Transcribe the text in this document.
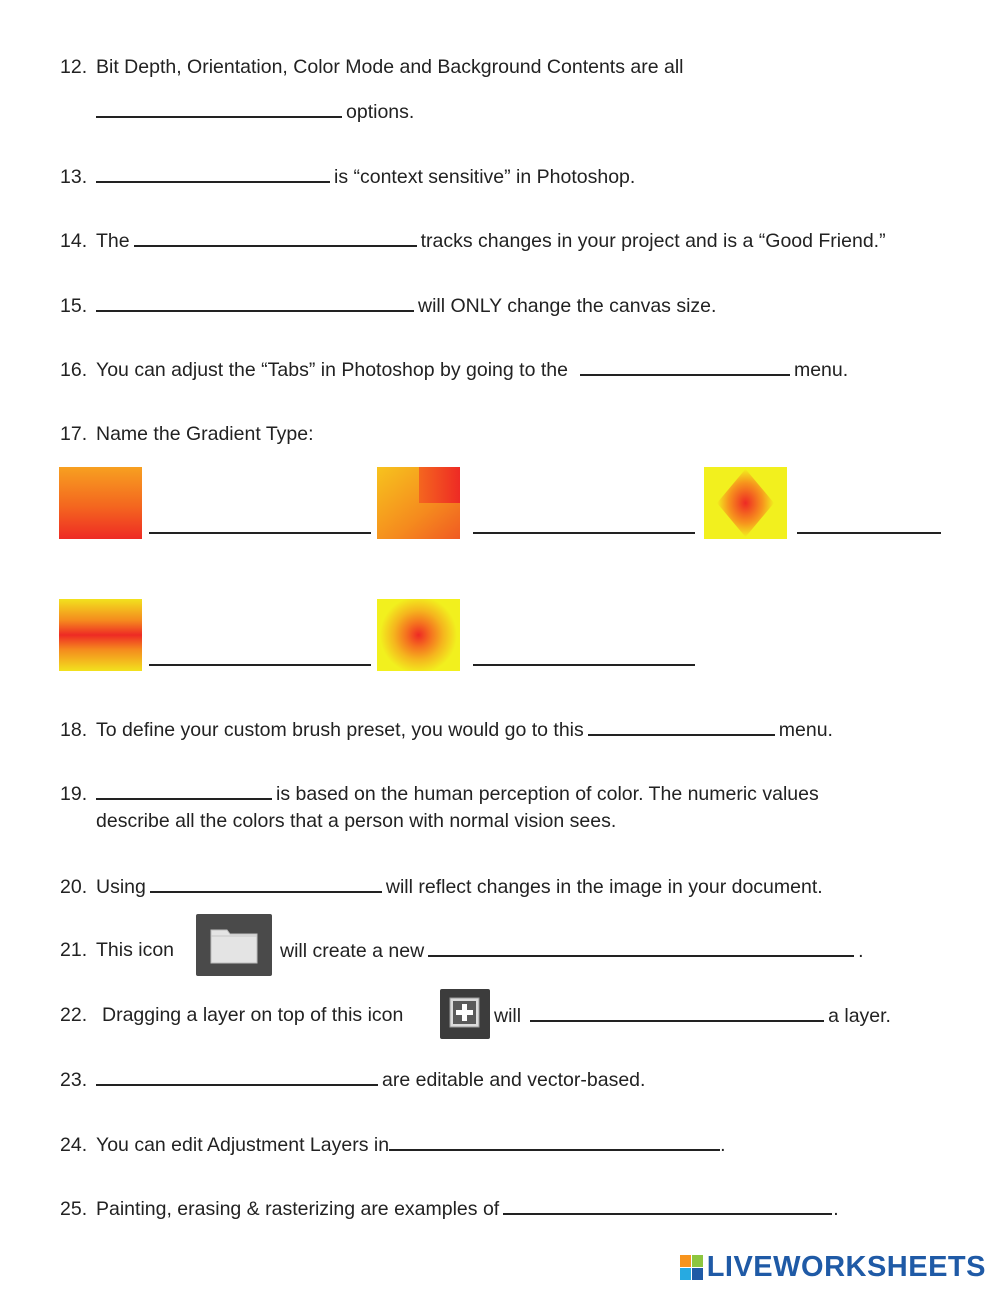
12. Bit Depth, Orientation, Color Mode and Background Contents are all
options.
13.	is “context sensitive” in Photoshop.
14. The	tracks changes in your project and is a “Good Friend.”
15.	will ONLY change the canvas size.
16. You can adjust the “Tabs” in Photoshop by going to the	menu.
17. Name the Gradient Type:
18. To define your custom brush preset, you would go to this	menu.
19.	is based on the human perception of color. The numeric values
describe all the colors that a person with normal vision sees.
20. Using	will reflect changes in the image in your document.
21. This icon	will create a new	.
22. Dragging a layer on top of this icon	will	a layer.
23.	are editable and vector-based.
24. You can edit Adjustment Layers in	.
25. Painting, erasing & rasterizing are examples of	.
LIVEWORKSHEETS
